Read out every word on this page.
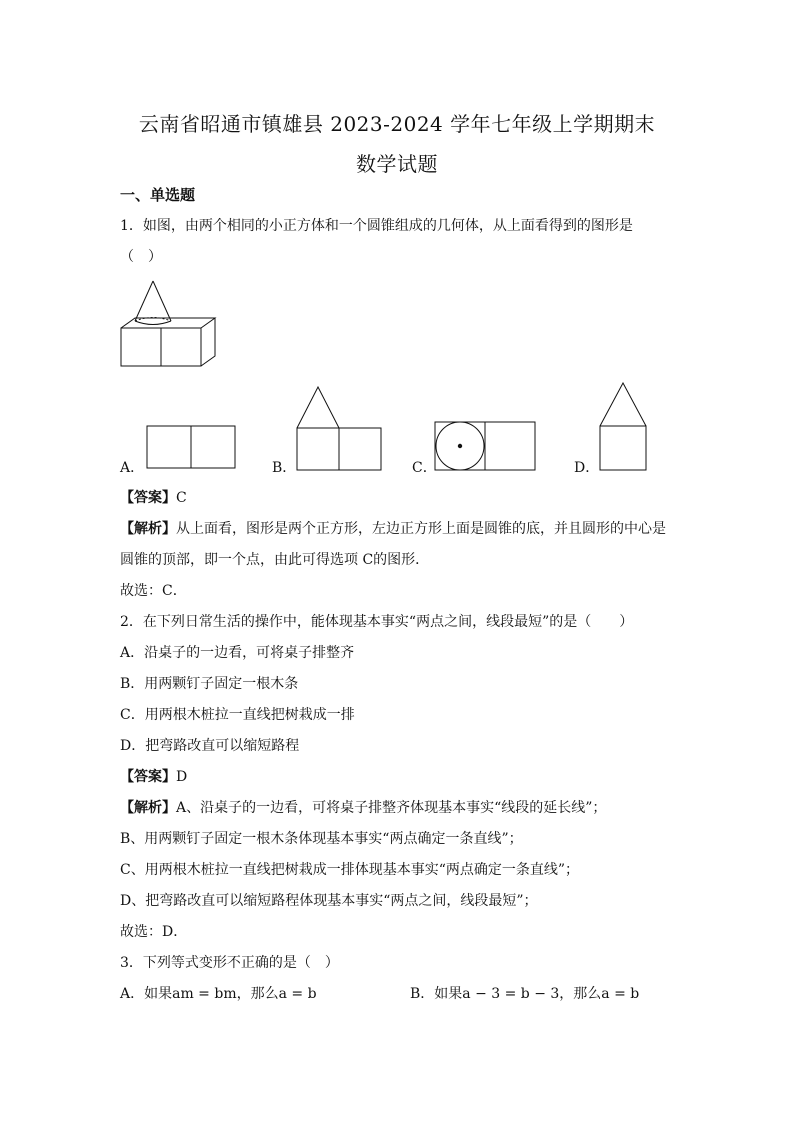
云南省昭通市镇雄县 2023-2024 学年七年级上学期期末
数学试题
一、单选题
1．如图，由两个相同的小正方体和一个圆锥组成的几何体，从上面看得到的图形是
（　）
A．	B．	C．	D．
【答案】C
【解析】从上面看，图形是两个正方形，左边正方形上面是圆锥的底，并且圆形的中心是
圆锥的顶部，即一个点，由此可得选项 C的图形．
故选：C．
2．在下列日常生活的操作中，能体现基本事实“两点之间，线段最短”的是（　　）
A．沿桌子的一边看，可将桌子排整齐
B．用两颗钉子固定一根木条
C．用两根木桩拉一直线把树栽成一排
D．把弯路改直可以缩短路程
【答案】D
【解析】A、沿桌子的一边看，可将桌子排整齐体现基本事实“线段的延长线”；
B、用两颗钉子固定一根木条体现基本事实“两点确定一条直线”；
C、用两根木桩拉一直线把树栽成一排体现基本事实“两点确定一条直线”；
D、把弯路改直可以缩短路程体现基本事实“两点之间，线段最短”；
故选：D．
3．下列等式变形不正确的是（　）
A．如果am = bm，那么a = b	B．如果a − 3 = b − 3，那么a = b
